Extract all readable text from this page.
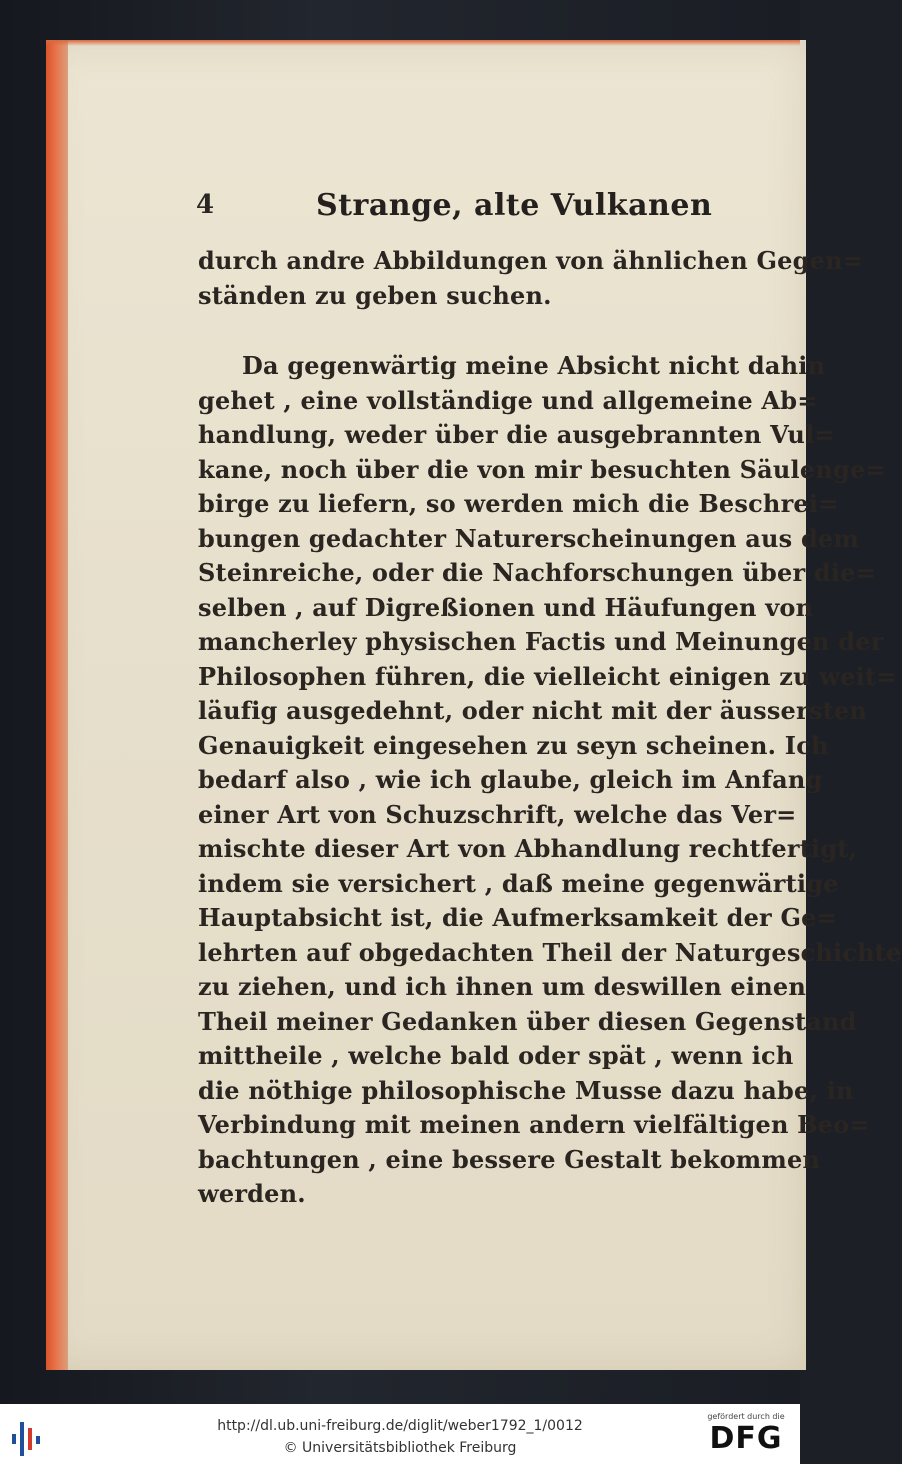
4	Strange, alte Vulkanen
durch andre Abbildungen von ähnlichen Gegen=
ständen zu geben suchen.
Da gegenwärtig meine Absicht nicht dahin
gehet , eine vollständige und allgemeine Ab=
handlung, weder über die ausgebrannten Vul=
kane, noch über die von mir besuchten Säulenge=
birge zu liefern, so werden mich die Beschrei=
bungen gedachter Naturerscheinungen aus dem
Steinreiche, oder die Nachforschungen über die=
selben , auf Digreßionen und Häufungen von
mancherley physischen Factis und Meinungen der
Philosophen führen, die vielleicht einigen zu weit=
läufig ausgedehnt, oder nicht mit der äussersten
Genauigkeit eingesehen zu seyn scheinen. Ich
bedarf also , wie ich glaube, gleich im Anfang
einer Art von Schuzschrift, welche das Ver=
mischte dieser Art von Abhandlung rechtfertigt,
indem sie versichert , daß meine gegenwärtige
Hauptabsicht ist, die Aufmerksamkeit der Ge=
lehrten auf obgedachten Theil der Naturgeschichte
zu ziehen, und ich ihnen um deswillen einen
Theil meiner Gedanken über diesen Gegenstand
mittheile , welche bald oder spät , wenn ich
die nöthige philosophische Musse dazu habe, in
Verbindung mit meinen andern vielfältigen Beo=
bachtungen , eine bessere Gestalt bekommen
werden.
http://dl.ub.uni-freiburg.de/diglit/weber1792_1/0012
© Universitätsbibliothek Freiburg
gefördert durch die
DFG
